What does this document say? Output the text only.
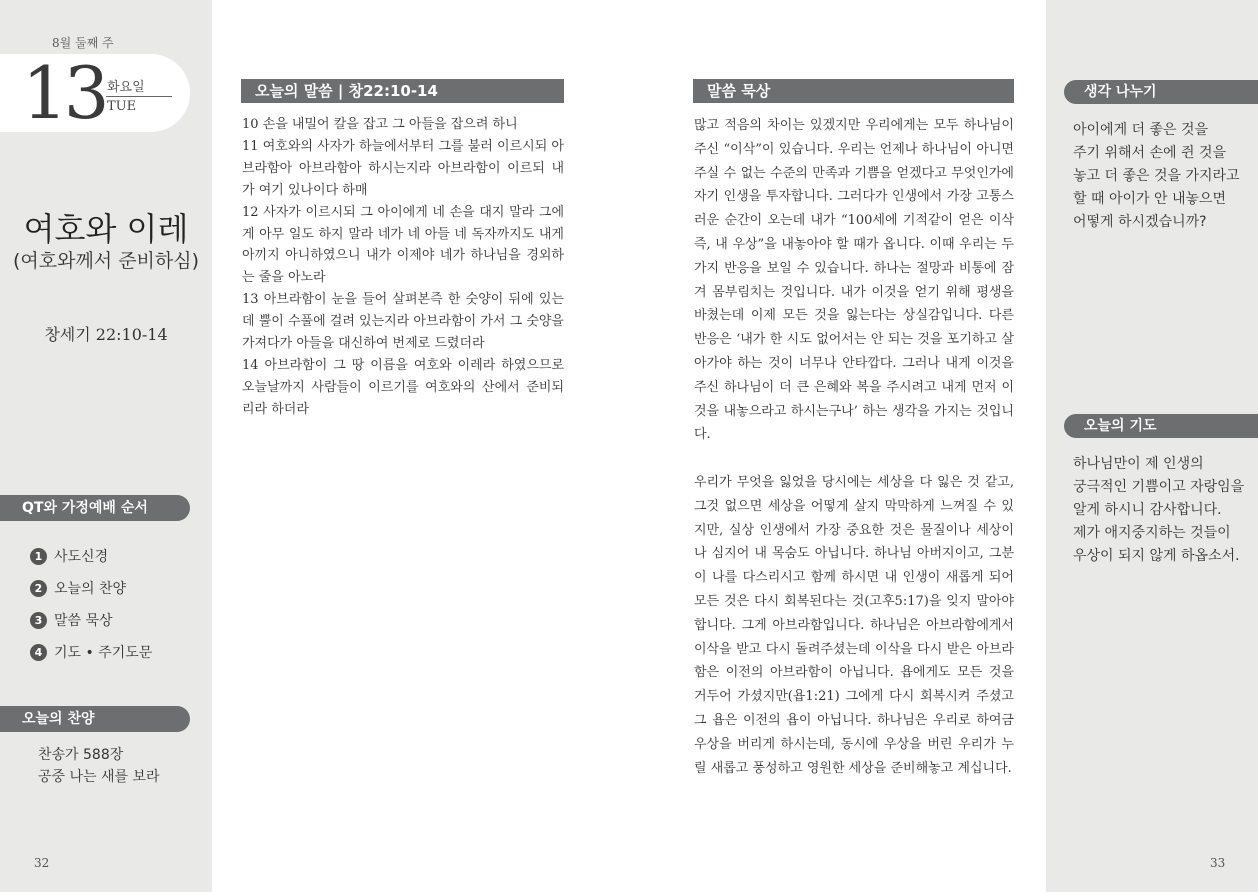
8월 둘째 주
13 화요일
TUE
여호와 이레
(여호와께서 준비하심)
창세기 22:10-14
QT와 가정예배 순서
1 사도신경
2 오늘의 찬양
3 말씀 묵상
4 기도 • 주기도문
오늘의 찬양
찬송가 588장
공중 나는 새를 보라
32
오늘의 말씀 | 창22:10-14

10 손을 내밀어 칼을 잡고 그 아들을 잡으려 하니

11 여호와의 사자가 하늘에서부터 그를 불러 이르시되 아브라함아 아브라함아 하시는지라 아브라함이 이르되 내가 여기 있나이다 하매

12 사자가 이르시되 그 아이에게 네 손을 대지 말라 그에게 아무 일도 하지 말라 네가 네 아들 네 독자까지도 내게 아끼지 아니하였으니 내가 이제야 네가 하나님을 경외하는 줄을 아노라

13 아브라함이 눈을 들어 살펴본즉 한 숫양이 뒤에 있는데 뿔이 수풀에 걸려 있는지라 아브라함이 가서 그 숫양을 가져다가 아들을 대신하여 번제로 드렸더라

14 아브라함이 그 땅 이름을 여호와 이레라 하였으므로 오늘날까지 사람들이 이르기를 여호와의 산에서 준비되리라 하더라

말씀 묵상

많고 적음의 차이는 있겠지만 우리에게는 모두 하나님이 주신 “이삭”이 있습니다. 우리는 언제나 하나님이 아니면 주실 수 없는 수준의 만족과 기쁨을 얻겠다고 무엇인가에 자기 인생을 투자합니다. 그러다가 인생에서 가장 고통스러운 순간이 오는데 내가 “100세에 기적같이 얻은 이삭 즉, 내 우상”을 내놓아야 할 때가 옵니다. 이때 우리는 두 가지 반응을 보일 수 있습니다. 하나는 절망과 비통에 잠겨 몸부림치는 것입니다. 내가 이것을 얻기 위해 평생을 바쳤는데 이제 모든 것을 잃는다는 상실감입니다. 다른 반응은 ‘내가 한 시도 없어서는 안 되는 것을 포기하고 살아가야 하는 것이 너무나 안타깝다. 그러나 내게 이것을 주신 하나님이 더 큰 은혜와 복을 주시려고 내게 먼저 이것을 내놓으라고 하시는구나’ 하는 생각을 가지는 것입니다.

우리가 무엇을 잃었을 당시에는 세상을 다 잃은 것 같고, 그것 없으면 세상을 어떻게 살지 막막하게 느껴질 수 있지만, 실상 인생에서 가장 중요한 것은 물질이나 세상이나 심지어 내 목숨도 아닙니다. 하나님 아버지이고, 그분이 나를 다스리시고 함께 하시면 내 인생이 새롭게 되어 모든 것은 다시 회복된다는 것(고후5:17)을 잊지 말아야 합니다. 그게 아브라함입니다. 하나님은 아브라함에게서 이삭을 받고 다시 돌려주셨는데 이삭을 다시 받은 아브라함은 이전의 아브라함이 아닙니다. 욥에게도 모든 것을 거두어 가셨지만(욥1:21) 그에게 다시 회복시켜 주셨고 그 욥은 이전의 욥이 아닙니다. 하나님은 우리로 하여금 우상을 버리게 하시는데, 동시에 우상을 버린 우리가 누릴 새롭고 풍성하고 영원한 세상을 준비해놓고 계십니다.

생각 나누기
아이에게 더 좋은 것을
주기 위해서 손에 쥔 것을
놓고 더 좋은 것을 가지라고
할 때 아이가 안 내놓으면
어떻게 하시겠습니까?
오늘의 기도
하나님만이 제 인생의
궁극적인 기쁨이고 자랑임을
알게 하시니 감사합니다.
제가 애지중지하는 것들이
우상이 되지 않게 하옵소서.
33
